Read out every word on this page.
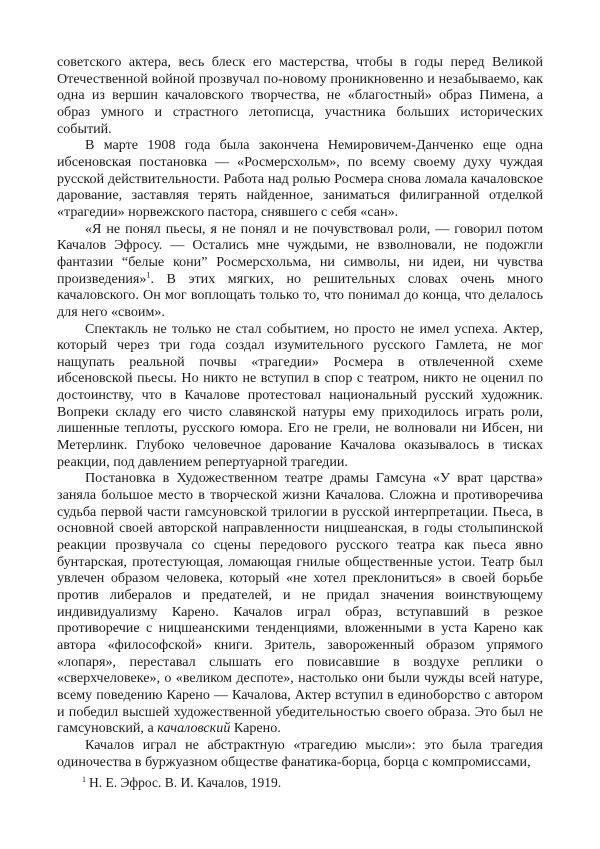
советского актера, весь блеск его мастерства, чтобы в годы перед Великой Отечественной войной прозвучал по-новому проникновенно и незабываемо, как одна из вершин качаловского творчества, не «благостный» образ Пимена, а образ умного и страстного летописца, участника больших исторических событий.

В марте 1908 года была закончена Немировичем-Данченко еще одна ибсеновская постановка — «Росмерсхольм», по всему своему духу чуждая русской действительности. Работа над ролью Росмера снова ломала качаловское дарование, заставляя терять найденное, заниматься филигранной отделкой «трагедии» норвежского пастора, снявшего с себя «сан».

«Я не понял пьесы, я не понял и не почувствовал роли, — говорил потом Качалов Эфросу. — Остались мне чуждыми, не взволновали, не подожгли фантазии “белые кони” Росмерсхольма, ни символы, ни идеи, ни чувства произведения»$^1$. В этих мягких, но решительных словах очень много качаловского. Он мог воплощать только то, что понимал до конца, что делалось для него «своим».

Спектакль не только не стал событием, но просто не имел успеха. Актер, который через три года создал изумительного русского Гамлета, не мог нащупать реальной почвы «трагедии» Росмера в отвлеченной схеме ибсеновской пьесы. Но никто не вступил в спор с театром, никто не оценил по достоинству, что в Качалове протестовал национальный русский художник. Вопреки складу его чисто славянской натуры ему приходилось играть роли, лишенные теплоты, русского юмора. Его не грели, не волновали ни Ибсен, ни Метерлинк. Глубоко человечное дарование Качалова оказывалось в тисках реакции, под давлением репертуарной трагедии.

Постановка в Художественном театре драмы Гамсуна «У врат царства» заняла большое место в творческой жизни Качалова. Сложна и противоречива судьба первой части гамсуновской трилогии в русской интерпретации. Пьеса, в основной своей авторской направленности ницшеанская, в годы столыпинской реакции прозвучала со сцены передового русского театра как пьеса явно бунтарская, протестующая, ломающая гнилые общественные устои. Театр был увлечен образом человека, который «не хотел преклониться» в своей борьбе против либералов и предателей, и не придал значения воинствующему индивидуализму Карено. Качалов играл образ, вступавший в резкое противоречие с ницшеанскими тенденциями, вложенными в уста Карено как автора «философской» книги. Зритель, завороженный образом упрямого «лопаря», переставал слышать его повисавшие в воздухе реплики о «сверхчеловеке», о «великом деспоте», настолько они были чужды всей натуре, всему поведению Карено — Качалова, Актер вступил в единоборство с автором и победил высшей художественной убедительностью своего образа. Это был не гамсуновский, а качаловский Карено.

Качалов играл не абстрактную «трагедию мысли»: это была трагедия одиночества в буржуазном обществе фанатика-борца, борца с компромиссами,

$^1$ Н. Е. Эфрос. В. И. Качалов, 1919.
